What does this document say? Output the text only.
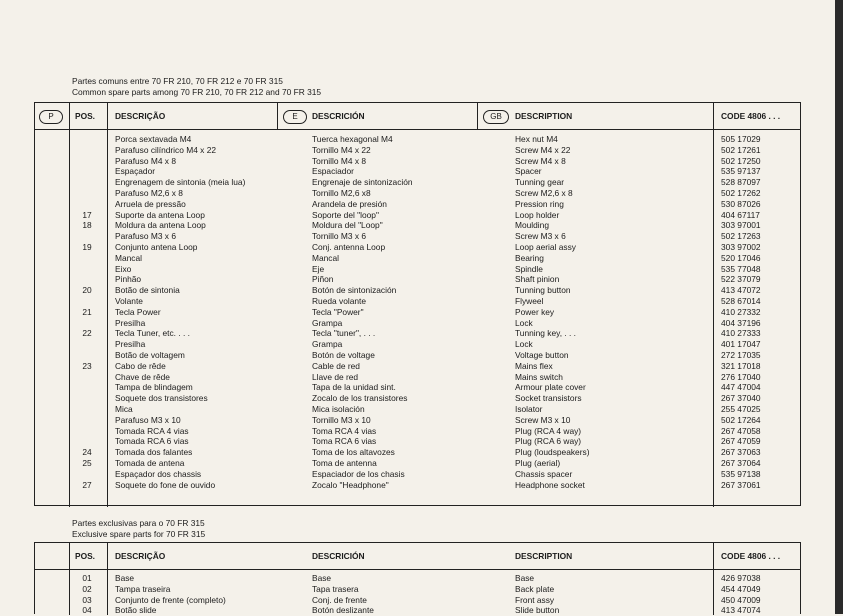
Partes comuns entre 70 FR 210, 70 FR 212 e 70 FR 315
Common spare parts among 70 FR 210, 70 FR 212 and 70 FR 315
P	POS. DESCRIÇÃO	E	DESCRICIÓN	GB	DESCRIPTION	CODE 4806 . . .
Porca sextavada M4	Tuerca hexagonal M4	Hex nut M4	505 17029
Parafuso cilíndrico M4 x 22	Tornillo M4 x 22	Screw M4 x 22	502 17261
Parafuso M4 x 8	Tornillo M4 x 8	Screw M4 x 8	502 17250
Espaçador	Espaciador	Spacer	535 97137
Engrenagem de sintonia (meia lua)	Engrenaje de sintonización	Tunning gear	528 87097
Parafuso M2,6 x 8	Tornillo M2,6 x8	Screw M2,6 x 8	502 17262
Arruela de pressão	Arandela de presión	Pression ring	530 87026
17	Suporte da antena Loop	Soporte del "loop"	Loop holder	404 67117
18	Moldura da antena Loop	Moldura del "Loop"	Moulding	303 97001
Parafuso M3 x 6	Tornillo M3 x 6	Screw M3 x 6	502 17263
19	Conjunto antena Loop	Conj. antenna Loop	Loop aerial assy	303 97002
Mancal	Mancal	Bearing	520 17046
Eixo	Eje	Spindle	535 77048
Pinhão	Piñon	Shaft pinion	522 37079
20	Botão de sintonia	Botón de sintonización	Tunning button	413 47072
Volante	Rueda volante	Flyweel	528 67014
21	Tecla Power	Tecla "Power"	Power key	410 27332
Presilha	Grampa	Lock	404 37196
22	Tecla Tuner, etc. . . .	Tecla "tuner", . . .	Tunning key, . . .	410 27333
Presilha	Grampa	Lock	401 17047
Botão de voltagem	Botón de voltage	Voltage button	272 17035
23	Cabo de rêde	Cable de red	Mains flex	321 17018
Chave de rêde	Llave de red	Mains switch	276 17040
Tampa de blindagem	Tapa de la unidad sint.	Armour plate cover	447 47004
Soquete dos transistores	Zocalo de los transistores	Socket transistors	267 37040
Mica	Mica isolación	Isolator	255 47025
Parafuso M3 x 10	Tornillo M3 x 10	Screw M3 x 10	502 17264
Tomada RCA 4 vias	Toma RCA 4 vias	Plug (RCA 4 way)	267 47058
Tomada RCA 6 vias	Toma RCA 6 vias	Plug (RCA 6 way)	267 47059
24	Tomada dos falantes	Toma de los altavozes	Plug (loudspeakers)	267 37063
25	Tomada de antena	Toma de antenna	Plug (aerial)	267 37064
Espaçador dos chassis	Espaciador de los chasis	Chassis spacer	535 97138
27	Soquete do fone de ouvido	Zocalo "Headphone"	Headphone socket	267 37061
Partes exclusivas para o 70 FR 315
Exclusive spare parts for 70 FR 315
POS. DESCRIÇÃO	DESCRICIÓN	DESCRIPTION	CODE 4806 . . .
01	Base	Base	Base	426 97038
02	Tampa traseira	Tapa trasera	Back plate	454 47049
03	Conjunto de frente (completo)	Conj. de frente	Front assy	450 47009
04	Botão slide	Botón deslizante	Slide button	413 47074
